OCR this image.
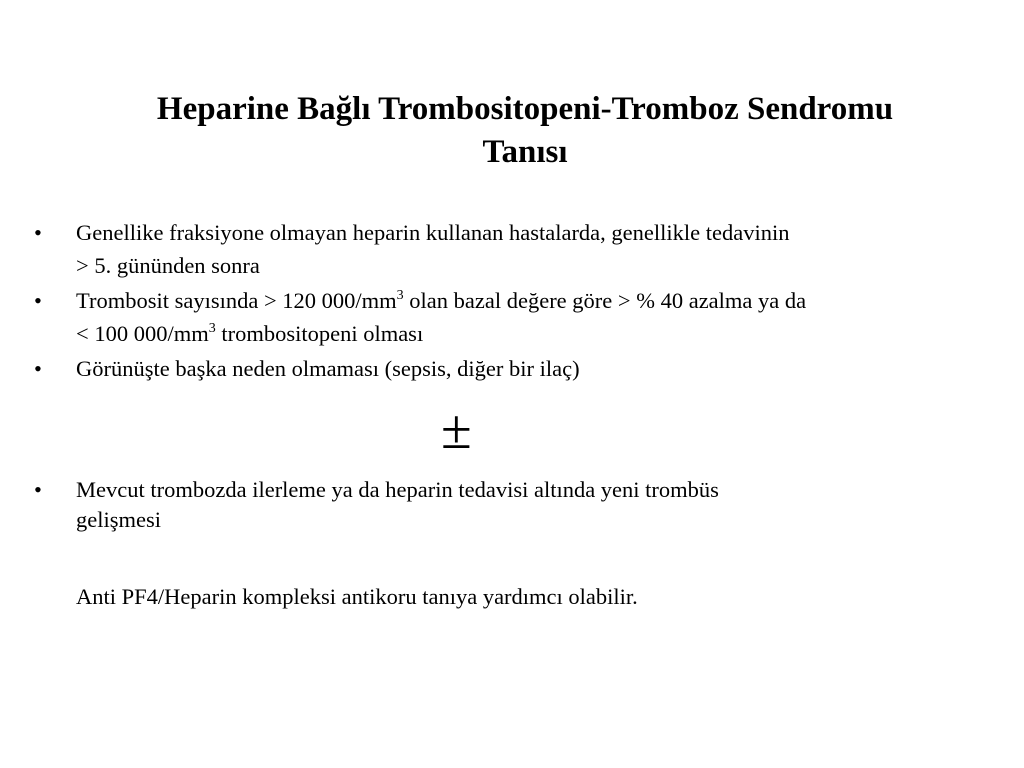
Heparine Bağlı Trombositopeni-Tromboz Sendromu
Tanısı
• Genellike fraksiyone olmayan heparin kullanan hastalarda, genellikle tedavinin
> 5. gününden sonra
• Trombosit sayısında > 120 $000/mm^3$ olan bazal değere göre > % 40 azalma ya da
< 100 $000/mm^3$ trombositopeni olması
• Görünüşte başka neden olmaması (sepsis, diğer bir ilaç)

±

• Mevcut trombozda ilerleme ya da heparin tedavisi altında yeni trombüs
gelişmesi

Anti PF4/Heparin kompleksi antikoru tanıya yardımcı olabilir.
